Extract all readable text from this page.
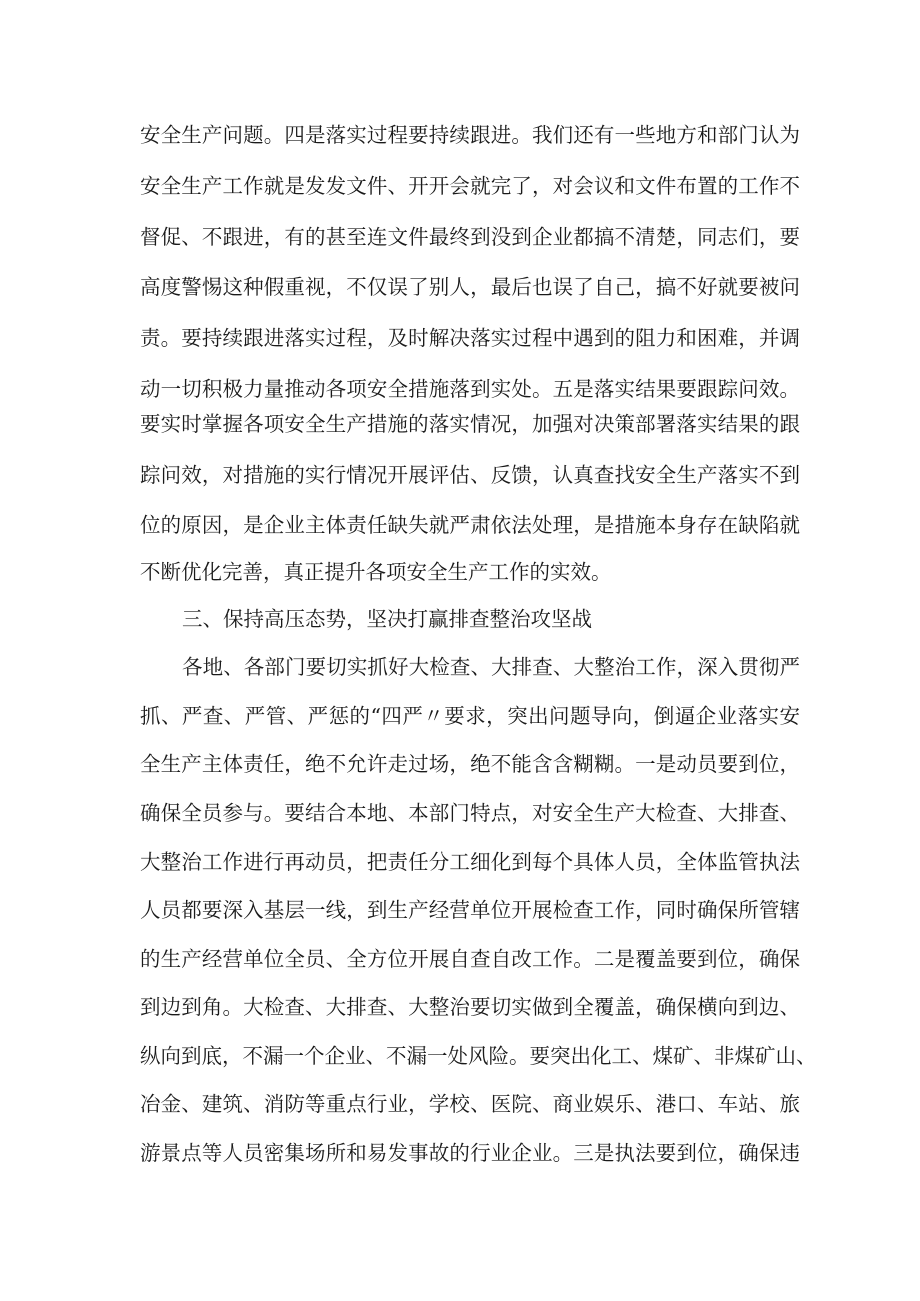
安全生产问题。四是落实过程要持续跟进。我们还有一些地方和部门认为
安全生产工作就是发发文件、开开会就完了，对会议和文件布置的工作不
督促、不跟进，有的甚至连文件最终到没到企业都搞不清楚，同志们，要
高度警惕这种假重视，不仅误了别人，最后也误了自己，搞不好就要被问
责。要持续跟进落实过程，及时解决落实过程中遇到的阻力和困难，并调
动一切积极力量推动各项安全措施落到实处。五是落实结果要跟踪问效。
要实时掌握各项安全生产措施的落实情况，加强对决策部署落实结果的跟
踪问效，对措施的实行情况开展评估、反馈，认真查找安全生产落实不到
位的原因，是企业主体责任缺失就严肃依法处理，是措施本身存在缺陷就
不断优化完善，真正提升各项安全生产工作的实效。
三、保持高压态势，坚决打赢排查整治攻坚战
各地、各部门要切实抓好大检查、大排查、大整治工作，深入贯彻严
抓、严查、严管、严惩的“四严〃要求，突出问题导向，倒逼企业落实安
全生产主体责任，绝不允许走过场，绝不能含含糊糊。一是动员要到位，
确保全员参与。要结合本地、本部门特点，对安全生产大检查、大排查、
大整治工作进行再动员，把责任分工细化到每个具体人员，全体监管执法
人员都要深入基层一线，到生产经营单位开展检查工作，同时确保所管辖
的生产经营单位全员、全方位开展自查自改工作。二是覆盖要到位，确保
到边到角。大检查、大排查、大整治要切实做到全覆盖，确保横向到边、
纵向到底，不漏一个企业、不漏一处风险。要突出化工、煤矿、非煤矿山、
冶金、建筑、消防等重点行业，学校、医院、商业娱乐、港口、车站、旅
游景点等人员密集场所和易发事故的行业企业。三是执法要到位，确保违
